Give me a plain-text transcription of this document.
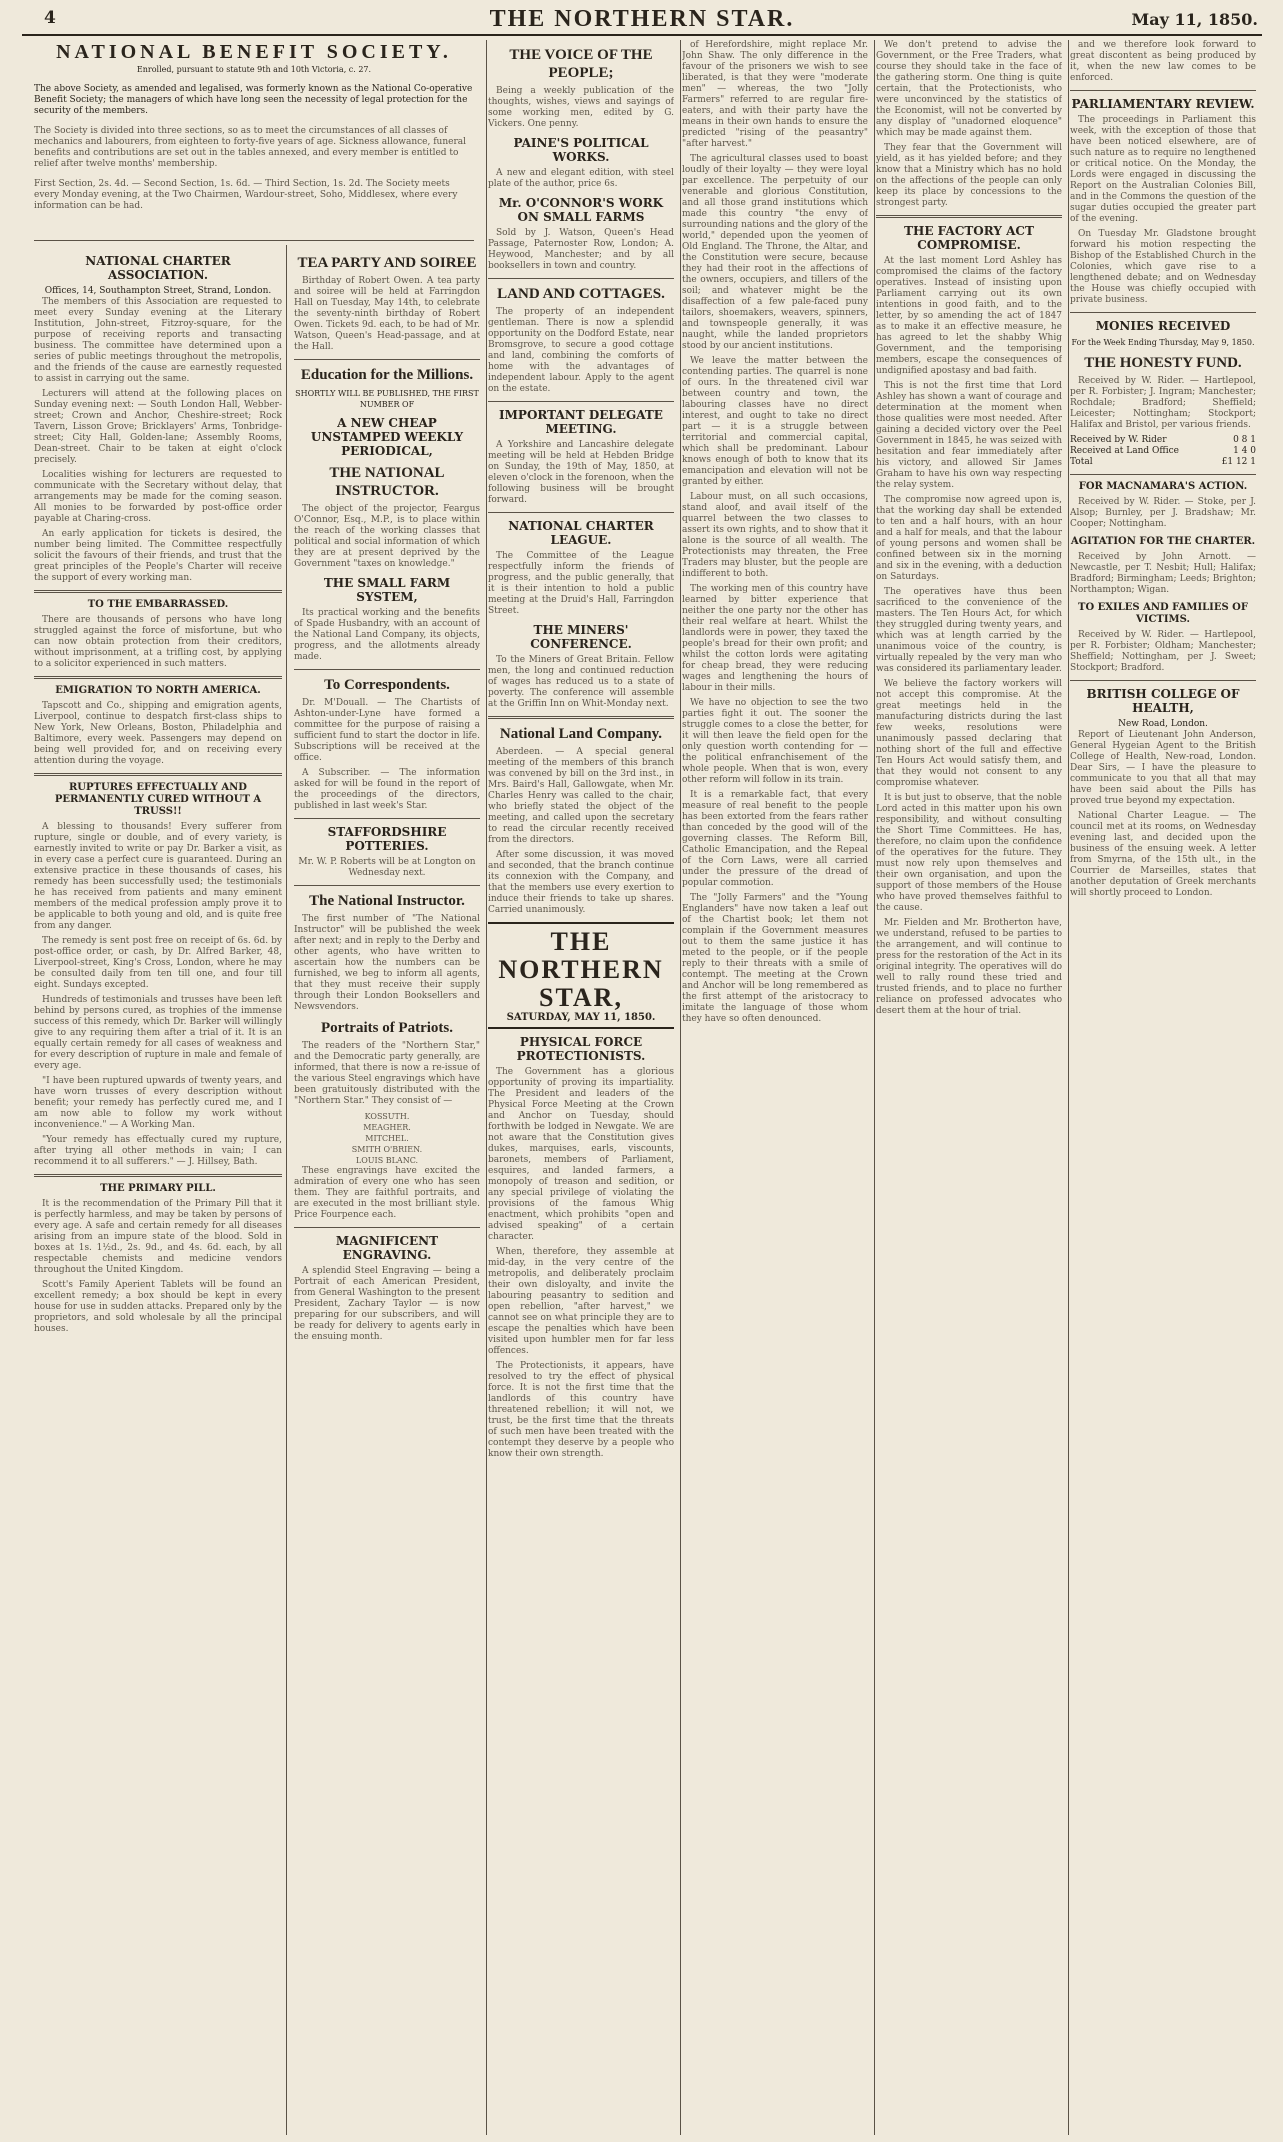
4	THE NORTHERN STAR.	May 11, 1850.
NATIONAL BENEFIT SOCIETY.
Enrolled, pursuant to statute 9th and 10th Victoria, c. 27.

The above Society, as amended and legalised, was formerly known as the National Co-operative Benefit Society; the managers of which have long seen the necessity of legal protection for the security of the members.

The Society is divided into three sections, so as to meet the circumstances of all classes of mechanics and labourers, from eighteen to forty-five years of age. Sickness allowance, funeral benefits and contributions are set out in the tables annexed, and every member is entitled to relief after twelve months' membership.

First Section, 2s. 4d. — Second Section, 1s. 6d. — Third Section, 1s. 2d. The Society meets every Monday evening, at the Two Chairmen, Wardour-street, Soho, Middlesex, where every information can be had.

NATIONAL CHARTER ASSOCIATION.
Offices, 14, Southampton Street, Strand, London.

The members of this Association are requested to meet every Sunday evening at the Literary Institution, John-street, Fitzroy-square, for the purpose of receiving reports and transacting business. The committee have determined upon a series of public meetings throughout the metropolis, and the friends of the cause are earnestly requested to assist in carrying out the same.

Lecturers will attend at the following places on Sunday evening next: — South London Hall, Webber-street; Crown and Anchor, Cheshire-street; Rock Tavern, Lisson Grove; Bricklayers' Arms, Tonbridge-street; City Hall, Golden-lane; Assembly Rooms, Dean-street. Chair to be taken at eight o'clock precisely.

Localities wishing for lecturers are requested to communicate with the Secretary without delay, that arrangements may be made for the coming season. All monies to be forwarded by post-office order payable at Charing-cross.

An early application for tickets is desired, the number being limited. The Committee respectfully solicit the favours of their friends, and trust that the great principles of the People's Charter will receive the support of every working man.

TO THE EMBARRASSED.

There are thousands of persons who have long struggled against the force of misfortune, but who can now obtain protection from their creditors, without imprisonment, at a trifling cost, by applying to a solicitor experienced in such matters.

EMIGRATION TO NORTH AMERICA.

Tapscott and Co., shipping and emigration agents, Liverpool, continue to despatch first-class ships to New York, New Orleans, Boston, Philadelphia and Baltimore, every week. Passengers may depend on being well provided for, and on receiving every attention during the voyage.

RUPTURES EFFECTUALLY AND PERMANENTLY CURED WITHOUT A TRUSS!!

A blessing to thousands! Every sufferer from rupture, single or double, and of every variety, is earnestly invited to write or pay Dr. Barker a visit, as in every case a perfect cure is guaranteed. During an extensive practice in these thousands of cases, his remedy has been successfully used; the testimonials he has received from patients and many eminent members of the medical profession amply prove it to be applicable to both young and old, and is quite free from any danger.

The remedy is sent post free on receipt of 6s. 6d. by post-office order, or cash, by Dr. Alfred Barker, 48, Liverpool-street, King's Cross, London, where he may be consulted daily from ten till one, and four till eight. Sundays excepted.

Hundreds of testimonials and trusses have been left behind by persons cured, as trophies of the immense success of this remedy, which Dr. Barker will willingly give to any requiring them after a trial of it. It is an equally certain remedy for all cases of weakness and for every description of rupture in male and female of every age.

"I have been ruptured upwards of twenty years, and have worn trusses of every description without benefit; your remedy has perfectly cured me, and I am now able to follow my work without inconvenience." — A Working Man.

"Your remedy has effectually cured my rupture, after trying all other methods in vain; I can recommend it to all sufferers." — J. Hillsey, Bath.

THE PRIMARY PILL.

It is the recommendation of the Primary Pill that it is perfectly harmless, and may be taken by persons of every age. A safe and certain remedy for all diseases arising from an impure state of the blood. Sold in boxes at 1s. 1½d., 2s. 9d., and 4s. 6d. each, by all respectable chemists and medicine vendors throughout the United Kingdom.

Scott's Family Aperient Tablets will be found an excellent remedy; a box should be kept in every house for use in sudden attacks. Prepared only by the proprietors, and sold wholesale by all the principal houses.

TEA PARTY AND SOIREE

Birthday of Robert Owen. A tea party and soiree will be held at Farringdon Hall on Tuesday, May 14th, to celebrate the seventy-ninth birthday of Robert Owen. Tickets 9d. each, to be had of Mr. Watson, Queen's Head-passage, and at the Hall.

Education for the Millions.
SHORTLY WILL BE PUBLISHED, THE FIRST NUMBER OF
A NEW CHEAP UNSTAMPED WEEKLY PERIODICAL,
THE NATIONAL INSTRUCTOR.

The object of the projector, Feargus O'Connor, Esq., M.P., is to place within the reach of the working classes that political and social information of which they are at present deprived by the Government "taxes on knowledge."

THE SMALL FARM SYSTEM,

Its practical working and the benefits of Spade Husbandry, with an account of the National Land Company, its objects, progress, and the allotments already made.

To Correspondents.

Dr. M'Douall. — The Chartists of Ashton-under-Lyne have formed a committee for the purpose of raising a sufficient fund to start the doctor in life. Subscriptions will be received at the office.

A Subscriber. — The information asked for will be found in the report of the proceedings of the directors, published in last week's Star.

STAFFORDSHIRE POTTERIES.

Mr. W. P. Roberts will be at Longton on Wednesday next.

The National Instructor.

The first number of "The National Instructor" will be published the week after next; and in reply to the Derby and other agents, who have written to ascertain how the numbers can be furnished, we beg to inform all agents, that they must receive their supply through their London Booksellers and Newsvendors.

Portraits of Patriots.

The readers of the "Northern Star," and the Democratic party generally, are informed, that there is now a re-issue of the various Steel engravings which have been gratuitously distributed with the "Northern Star." They consist of —

KOSSUTH.
MEAGHER.
MITCHEL.
SMITH O'BRIEN.
LOUIS BLANC.

These engravings have excited the admiration of every one who has seen them. They are faithful portraits, and are executed in the most brilliant style. Price Fourpence each.

MAGNIFICENT ENGRAVING.

A splendid Steel Engraving — being a Portrait of each American President, from General Washington to the present President, Zachary Taylor — is now preparing for our subscribers, and will be ready for delivery to agents early in the ensuing month.

THE VOICE OF THE PEOPLE;

Being a weekly publication of the thoughts, wishes, views and sayings of some working men, edited by G. Vickers. One penny.

PAINE'S POLITICAL WORKS.

A new and elegant edition, with steel plate of the author, price 6s.

Mr. O'CONNOR'S WORK ON SMALL FARMS

Sold by J. Watson, Queen's Head Passage, Paternoster Row, London; A. Heywood, Manchester; and by all booksellers in town and country.

LAND AND COTTAGES.

The property of an independent gentleman. There is now a splendid opportunity on the Dodford Estate, near Bromsgrove, to secure a good cottage and land, combining the comforts of home with the advantages of independent labour. Apply to the agent on the estate.

IMPORTANT DELEGATE MEETING.

A Yorkshire and Lancashire delegate meeting will be held at Hebden Bridge on Sunday, the 19th of May, 1850, at eleven o'clock in the forenoon, when the following business will be brought forward.

NATIONAL CHARTER LEAGUE.

The Committee of the League respectfully inform the friends of progress, and the public generally, that it is their intention to hold a public meeting at the Druid's Hall, Farringdon Street.

THE MINERS' CONFERENCE.

To the Miners of Great Britain. Fellow men, the long and continued reduction of wages has reduced us to a state of poverty. The conference will assemble at the Griffin Inn on Whit-Monday next.

National Land Company.

Aberdeen. — A special general meeting of the members of this branch was convened by bill on the 3rd inst., in Mrs. Baird's Hall, Gallowgate, when Mr. Charles Henry was called to the chair, who briefly stated the object of the meeting, and called upon the secretary to read the circular recently received from the directors.

After some discussion, it was moved and seconded, that the branch continue its connexion with the Company, and that the members use every exertion to induce their friends to take up shares. Carried unanimously.

THE NORTHERN STAR,
SATURDAY, MAY 11, 1850.
PHYSICAL FORCE PROTECTIONISTS.

The Government has a glorious opportunity of proving its impartiality. The President and leaders of the Physical Force Meeting at the Crown and Anchor on Tuesday, should forthwith be lodged in Newgate. We are not aware that the Constitution gives dukes, marquises, earls, viscounts, baronets, members of Parliament, esquires, and landed farmers, a monopoly of treason and sedition, or any special privilege of violating the provisions of the famous Whig enactment, which prohibits "open and advised speaking" of a certain character.

When, therefore, they assemble at mid-day, in the very centre of the metropolis, and deliberately proclaim their own disloyalty, and invite the labouring peasantry to sedition and open rebellion, "after harvest," we cannot see on what principle they are to escape the penalties which have been visited upon humbler men for far less offences.

The Protectionists, it appears, have resolved to try the effect of physical force. It is not the first time that the landlords of this country have threatened rebellion; it will not, we trust, be the first time that the threats of such men have been treated with the contempt they deserve by a people who know their own strength.

of Herefordshire, might replace Mr. John Shaw. The only difference in the favour of the prisoners we wish to see liberated, is that they were "moderate men" — whereas, the two "Jolly Farmers" referred to are regular fire-eaters, and with their party have the means in their own hands to ensure the predicted "rising of the peasantry" "after harvest."

The agricultural classes used to boast loudly of their loyalty — they were loyal par excellence. The perpetuity of our venerable and glorious Constitution, and all those grand institutions which made this country "the envy of surrounding nations and the glory of the world," depended upon the yeomen of Old England. The Throne, the Altar, and the Constitution were secure, because they had their root in the affections of the owners, occupiers, and tillers of the soil; and whatever might be the disaffection of a few pale-faced puny tailors, shoemakers, weavers, spinners, and townspeople generally, it was naught, while the landed proprietors stood by our ancient institutions.

We leave the matter between the contending parties. The quarrel is none of ours. In the threatened civil war between country and town, the labouring classes have no direct interest, and ought to take no direct part — it is a struggle between territorial and commercial capital, which shall be predominant. Labour knows enough of both to know that its emancipation and elevation will not be granted by either.

Labour must, on all such occasions, stand aloof, and avail itself of the quarrel between the two classes to assert its own rights, and to show that it alone is the source of all wealth. The Protectionists may threaten, the Free Traders may bluster, but the people are indifferent to both.

The working men of this country have learned by bitter experience that neither the one party nor the other has their real welfare at heart. Whilst the landlords were in power, they taxed the people's bread for their own profit; and whilst the cotton lords were agitating for cheap bread, they were reducing wages and lengthening the hours of labour in their mills.

We have no objection to see the two parties fight it out. The sooner the struggle comes to a close the better, for it will then leave the field open for the only question worth contending for — the political enfranchisement of the whole people. When that is won, every other reform will follow in its train.

It is a remarkable fact, that every measure of real benefit to the people has been extorted from the fears rather than conceded by the good will of the governing classes. The Reform Bill, Catholic Emancipation, and the Repeal of the Corn Laws, were all carried under the pressure of the dread of popular commotion.

The "Jolly Farmers" and the "Young Englanders" have now taken a leaf out of the Chartist book; let them not complain if the Government measures out to them the same justice it has meted to the people, or if the people reply to their threats with a smile of contempt. The meeting at the Crown and Anchor will be long remembered as the first attempt of the aristocracy to imitate the language of those whom they have so often denounced.

We don't pretend to advise the Government, or the Free Traders, what course they should take in the face of the gathering storm. One thing is quite certain, that the Protectionists, who were unconvinced by the statistics of the Economist, will not be converted by any display of "unadorned eloquence" which may be made against them.

They fear that the Government will yield, as it has yielded before; and they know that a Ministry which has no hold on the affections of the people can only keep its place by concessions to the strongest party.

THE FACTORY ACT COMPROMISE.

At the last moment Lord Ashley has compromised the claims of the factory operatives. Instead of insisting upon Parliament carrying out its own intentions in good faith, and to the letter, by so amending the act of 1847 as to make it an effective measure, he has agreed to let the shabby Whig Government, and the temporising members, escape the consequences of undignified apostasy and bad faith.

This is not the first time that Lord Ashley has shown a want of courage and determination at the moment when those qualities were most needed. After gaining a decided victory over the Peel Government in 1845, he was seized with hesitation and fear immediately after his victory, and allowed Sir James Graham to have his own way respecting the relay system.

The compromise now agreed upon is, that the working day shall be extended to ten and a half hours, with an hour and a half for meals, and that the labour of young persons and women shall be confined between six in the morning and six in the evening, with a deduction on Saturdays.

The operatives have thus been sacrificed to the convenience of the masters. The Ten Hours Act, for which they struggled during twenty years, and which was at length carried by the unanimous voice of the country, is virtually repealed by the very man who was considered its parliamentary leader.

We believe the factory workers will not accept this compromise. At the great meetings held in the manufacturing districts during the last few weeks, resolutions were unanimously passed declaring that nothing short of the full and effective Ten Hours Act would satisfy them, and that they would not consent to any compromise whatever.

It is but just to observe, that the noble Lord acted in this matter upon his own responsibility, and without consulting the Short Time Committees. He has, therefore, no claim upon the confidence of the operatives for the future. They must now rely upon themselves and their own organisation, and upon the support of those members of the House who have proved themselves faithful to the cause.

Mr. Fielden and Mr. Brotherton have, we understand, refused to be parties to the arrangement, and will continue to press for the restoration of the Act in its original integrity. The operatives will do well to rally round these tried and trusted friends, and to place no further reliance on professed advocates who desert them at the hour of trial.

and we therefore look forward to great discontent as being produced by it, when the new law comes to be enforced.

PARLIAMENTARY REVIEW.

The proceedings in Parliament this week, with the exception of those that have been noticed elsewhere, are of such nature as to require no lengthened or critical notice. On the Monday, the Lords were engaged in discussing the Report on the Australian Colonies Bill, and in the Commons the question of the sugar duties occupied the greater part of the evening.

On Tuesday Mr. Gladstone brought forward his motion respecting the Bishop of the Established Church in the Colonies, which gave rise to a lengthened debate; and on Wednesday the House was chiefly occupied with private business.

MONIES RECEIVED
For the Week Ending Thursday, May 9, 1850.
THE HONESTY FUND.

Received by W. Rider. — Hartlepool, per R. Forbister; J. Ingram; Manchester; Rochdale; Bradford; Sheffield; Leicester; Nottingham; Stockport; Halifax and Bristol, per various friends.

Received by W. Rider	0 8 1
Received at Land Office	1 4 0
Total	£1 12 1
FOR MACNAMARA'S ACTION.

Received by W. Rider. — Stoke, per J. Alsop; Burnley, per J. Bradshaw; Mr. Cooper; Nottingham.

AGITATION FOR THE CHARTER.

Received by John Arnott. — Newcastle, per T. Nesbit; Hull; Halifax; Bradford; Birmingham; Leeds; Brighton; Northampton; Wigan.

TO EXILES AND FAMILIES OF VICTIMS.

Received by W. Rider. — Hartlepool, per R. Forbister; Oldham; Manchester; Sheffield; Nottingham, per J. Sweet; Stockport; Bradford.

BRITISH COLLEGE OF HEALTH,
New Road, London.

Report of Lieutenant John Anderson, General Hygeian Agent to the British College of Health, New-road, London. Dear Sirs, — I have the pleasure to communicate to you that all that may have been said about the Pills has proved true beyond my expectation.

National Charter League. — The council met at its rooms, on Wednesday evening last, and decided upon the business of the ensuing week. A letter from Smyrna, of the 15th ult., in the Courrier de Marseilles, states that another deputation of Greek merchants will shortly proceed to London.
